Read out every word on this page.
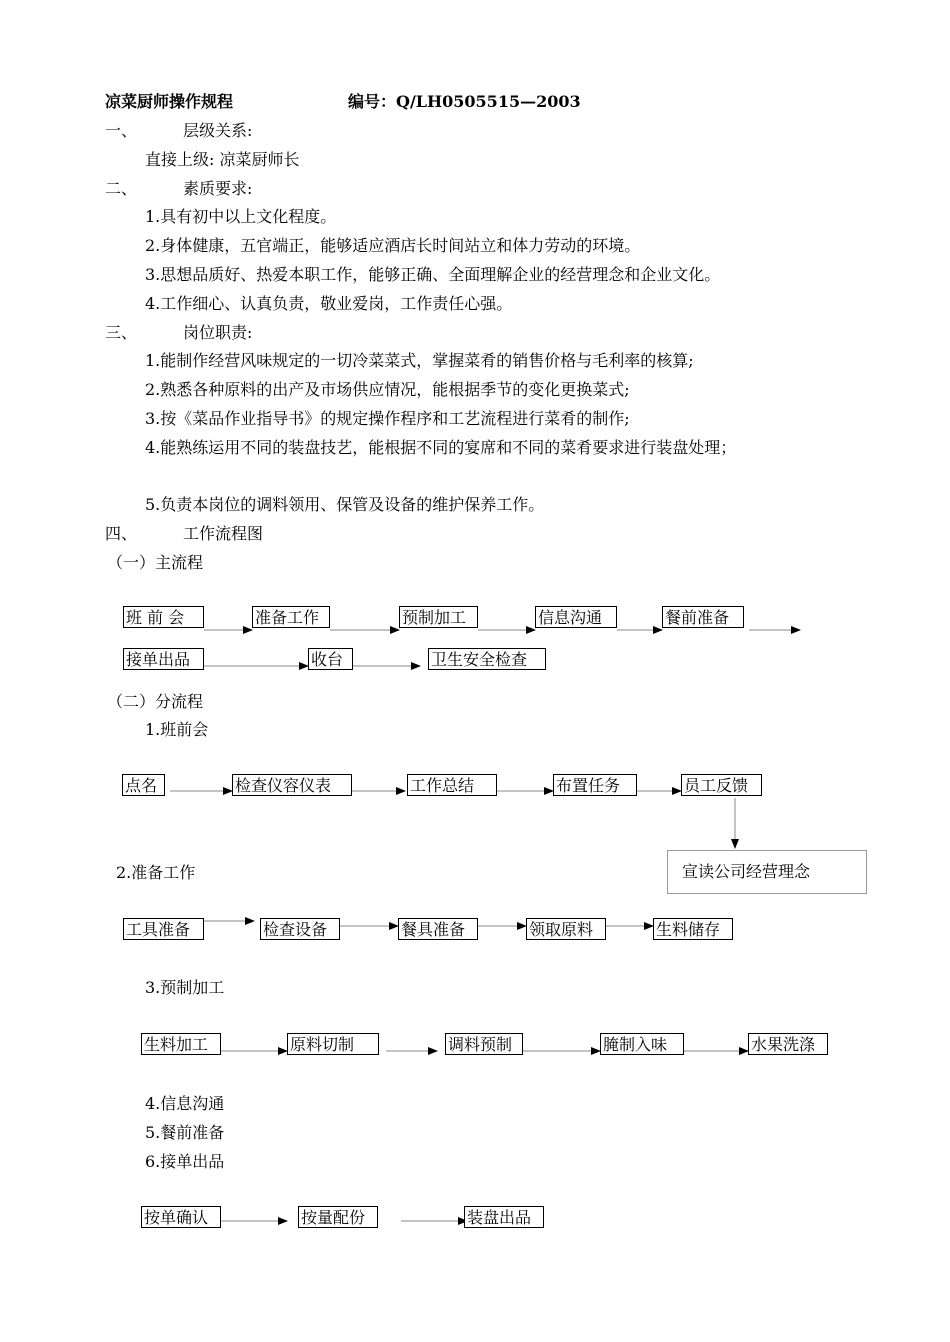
凉菜厨师操作规程	编号：Q/LH0505515—2003
一、	层级关系:
直接上级: 凉菜厨师长
二、	素质要求:
1.具有初中以上文化程度。
2.身体健康，五官端正，能够适应酒店长时间站立和体力劳动的环境。
3.思想品质好、热爱本职工作，能够正确、全面理解企业的经营理念和企业文化。
4.工作细心、认真负责，敬业爱岗，工作责任心强。
三、	岗位职责:
1.能制作经营风味规定的一切冷菜菜式，掌握菜肴的销售价格与毛利率的核算;
2.熟悉各种原料的出产及市场供应情况，能根据季节的变化更换菜式;
3.按《菜品作业指导书》的规定操作程序和工艺流程进行菜肴的制作;
4.能熟练运用不同的装盘技艺，能根据不同的宴席和不同的菜肴要求进行装盘处理；
5.负责本岗位的调料领用、保管及设备的维护保养工作。
四、	工作流程图
（一）主流程
班 前 会	准备工作	预制加工	信息沟通	餐前准备
接单出品	收台	卫生安全检查
（二）分流程
1.班前会
点名	检查仪容仪表	工作总结	布置任务	员工反馈
宣读公司经营理念
2.准备工作
工具准备	检查设备	餐具准备	领取原料	生料储存
3.预制加工
生料加工	原料切制	调料预制	腌制入味	水果洗涤
4.信息沟通
5.餐前准备
6.接单出品
按单确认	按量配份	装盘出品
